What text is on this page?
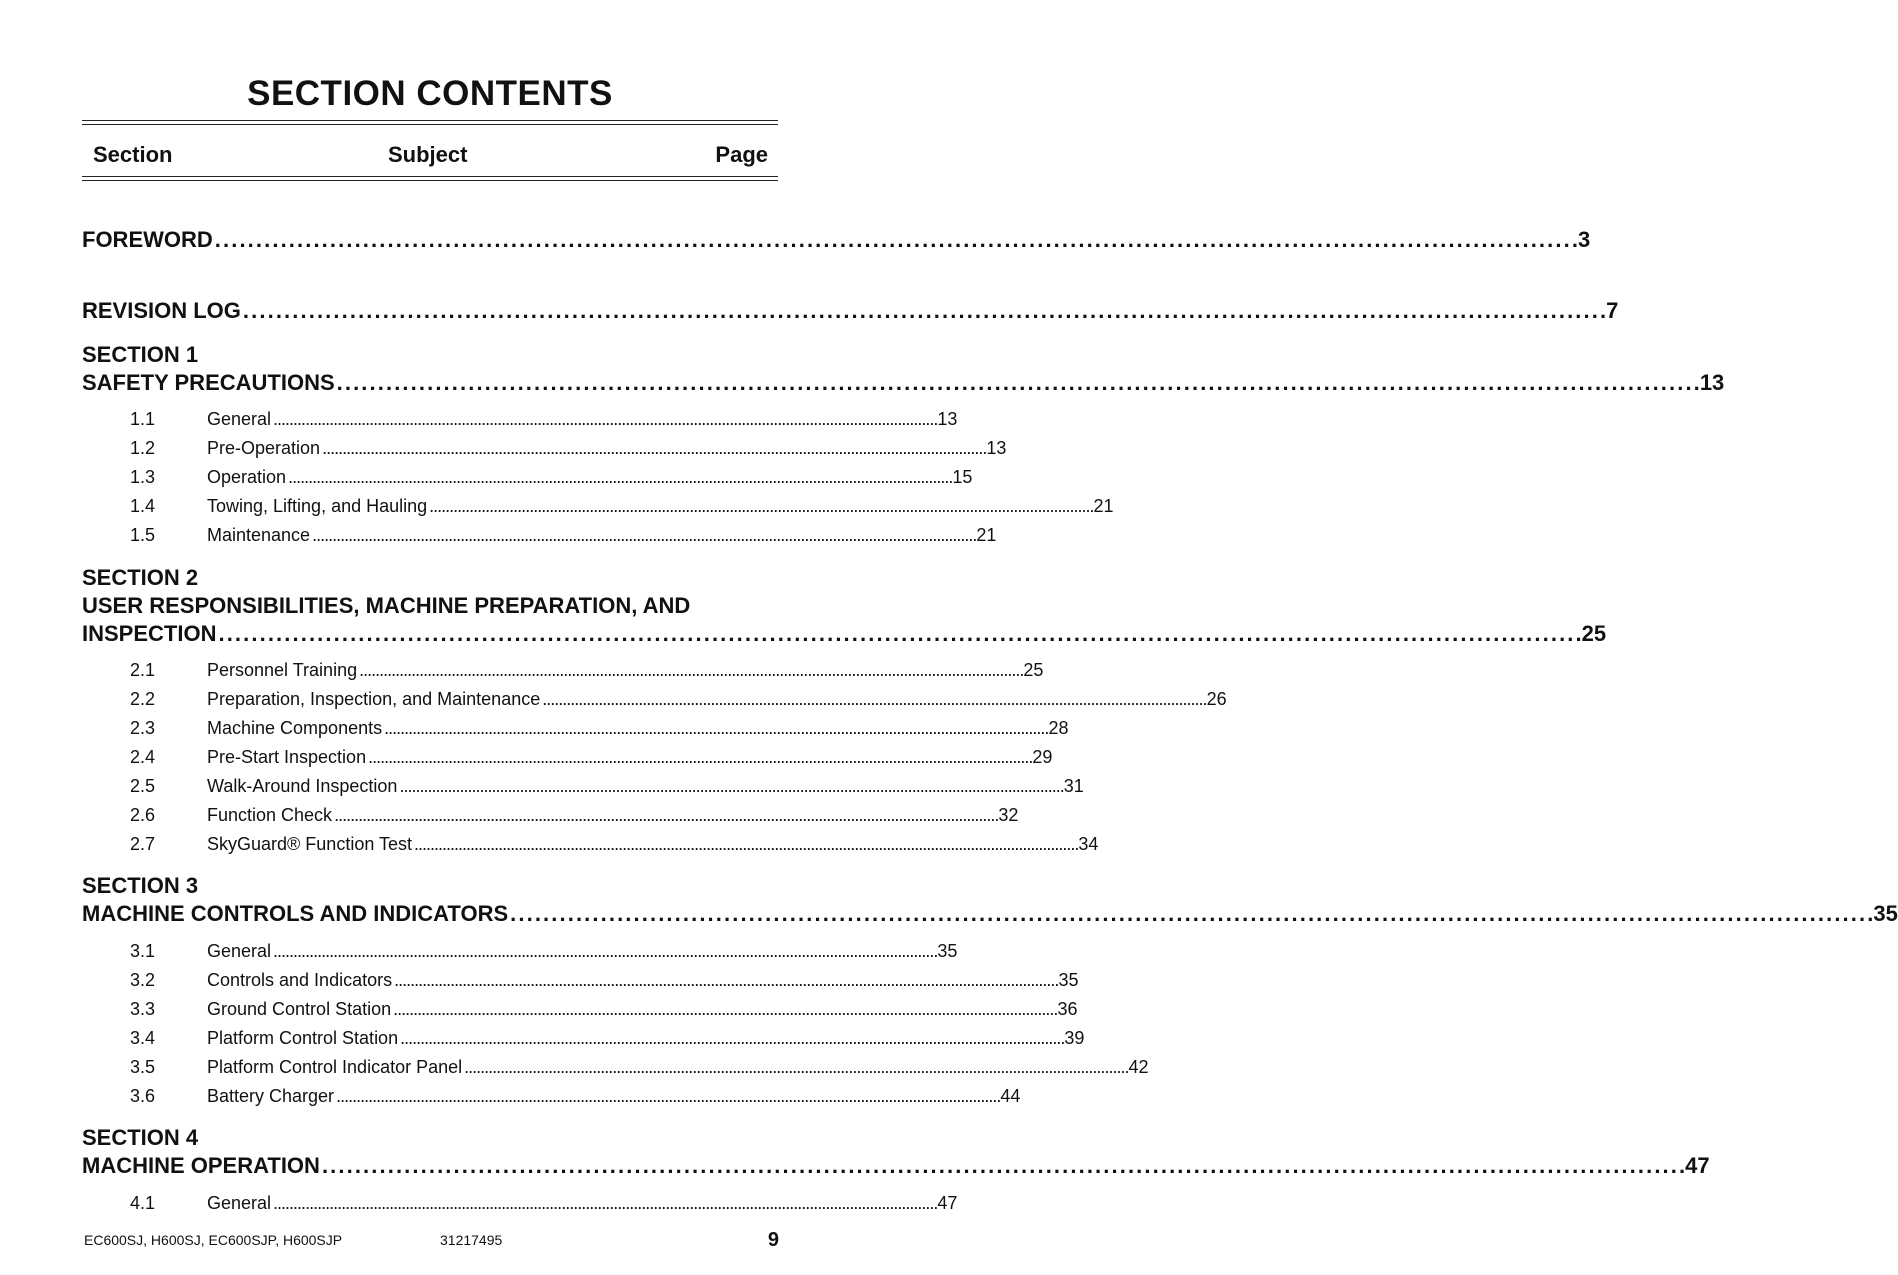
SECTION CONTENTS
Section	Subject	Page
FOREWORD . . .	3
REVISION LOG . . .	7
SECTION 1
SAFETY PRECAUTIONS . . .	13
1.1	General . . .	13
1.2	Pre-Operation . . .	13
1.3	Operation . . .	15
1.4	Towing, Lifting, and Hauling . . .	21
1.5	Maintenance . . .	21
SECTION 2
USER RESPONSIBILITIES, MACHINE PREPARATION, AND
INSPECTION . . .	25
2.1	Personnel Training . . .	25
2.2	Preparation, Inspection, and Maintenance . . .	26
2.3	Machine Components . . .	28
2.4	Pre-Start Inspection . . .	29
2.5	Walk-Around Inspection . . .	31
2.6	Function Check . . .	32
2.7	SkyGuard® Function Test . . .	34
SECTION 3
MACHINE CONTROLS AND INDICATORS . . .	35
3.1	General . . .	35
3.2	Controls and Indicators . . .	35
3.3	Ground Control Station . . .	36
3.4	Platform Control Station . . .	39
3.5	Platform Control Indicator Panel . . .	42
3.6	Battery Charger . . .	44
SECTION 4
MACHINE OPERATION . . .	47
4.1	General . . .	47
EC600SJ, H600SJ, EC600SJP, H600SJP	31217495	9
